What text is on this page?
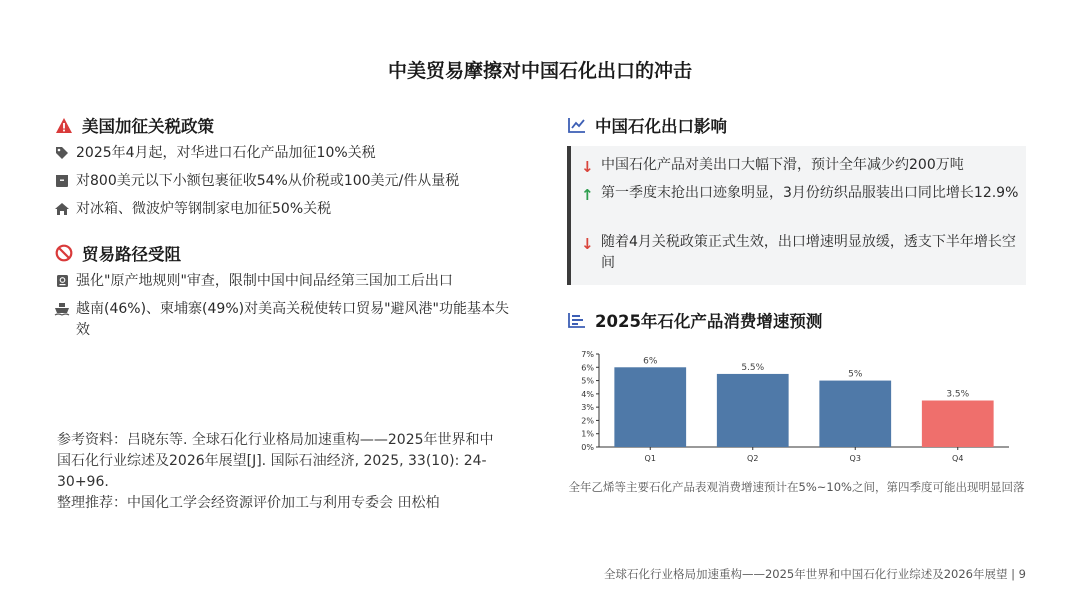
中美贸易摩擦对中国石化出口的冲击
美国加征关税政策
2025年4月起，对华进口石化产品加征10%关税
对800美元以下小额包裹征收54%从价税或100美元/件从量税
对冰箱、微波炉等钢制家电加征50%关税
贸易路径受阻
强化"原产地规则"审查，限制中国中间品经第三国加工后出口
越南(46%)、柬埔寨(49%)对美高关税使转口贸易"避风港"功能基本失效
参考资料：吕晓东等. 全球石化行业格局加速重构——2025年世界和中国石化行业综述及2026年展望[J]. 国际石油经济, 2025, 33(10): 24-30+96.
整理推荐：中国化工学会经资源评价加工与利用专委会 田松柏
中国石化出口影响
↓ 中国石化产品对美出口大幅下滑，预计全年减少约200万吨
↑ 第一季度末抢出口迹象明显，3月份纺织品服装出口同比增长12.9%
↓ 随着4月关税政策正式生效，出口增速明显放缓，透支下半年增长空间
2025年石化产品消费增速预测
0%
1%
2%
3%
4%
5%
6%
7%
6%
Q1
5.5%
Q2
5%
Q3
3.5%
Q4
全年乙烯等主要石化产品表观消费增速预计在5%~10%之间，第四季度可能出现明显回落
全球石化行业格局加速重构——2025年世界和中国石化行业综述及2026年展望 | 9
